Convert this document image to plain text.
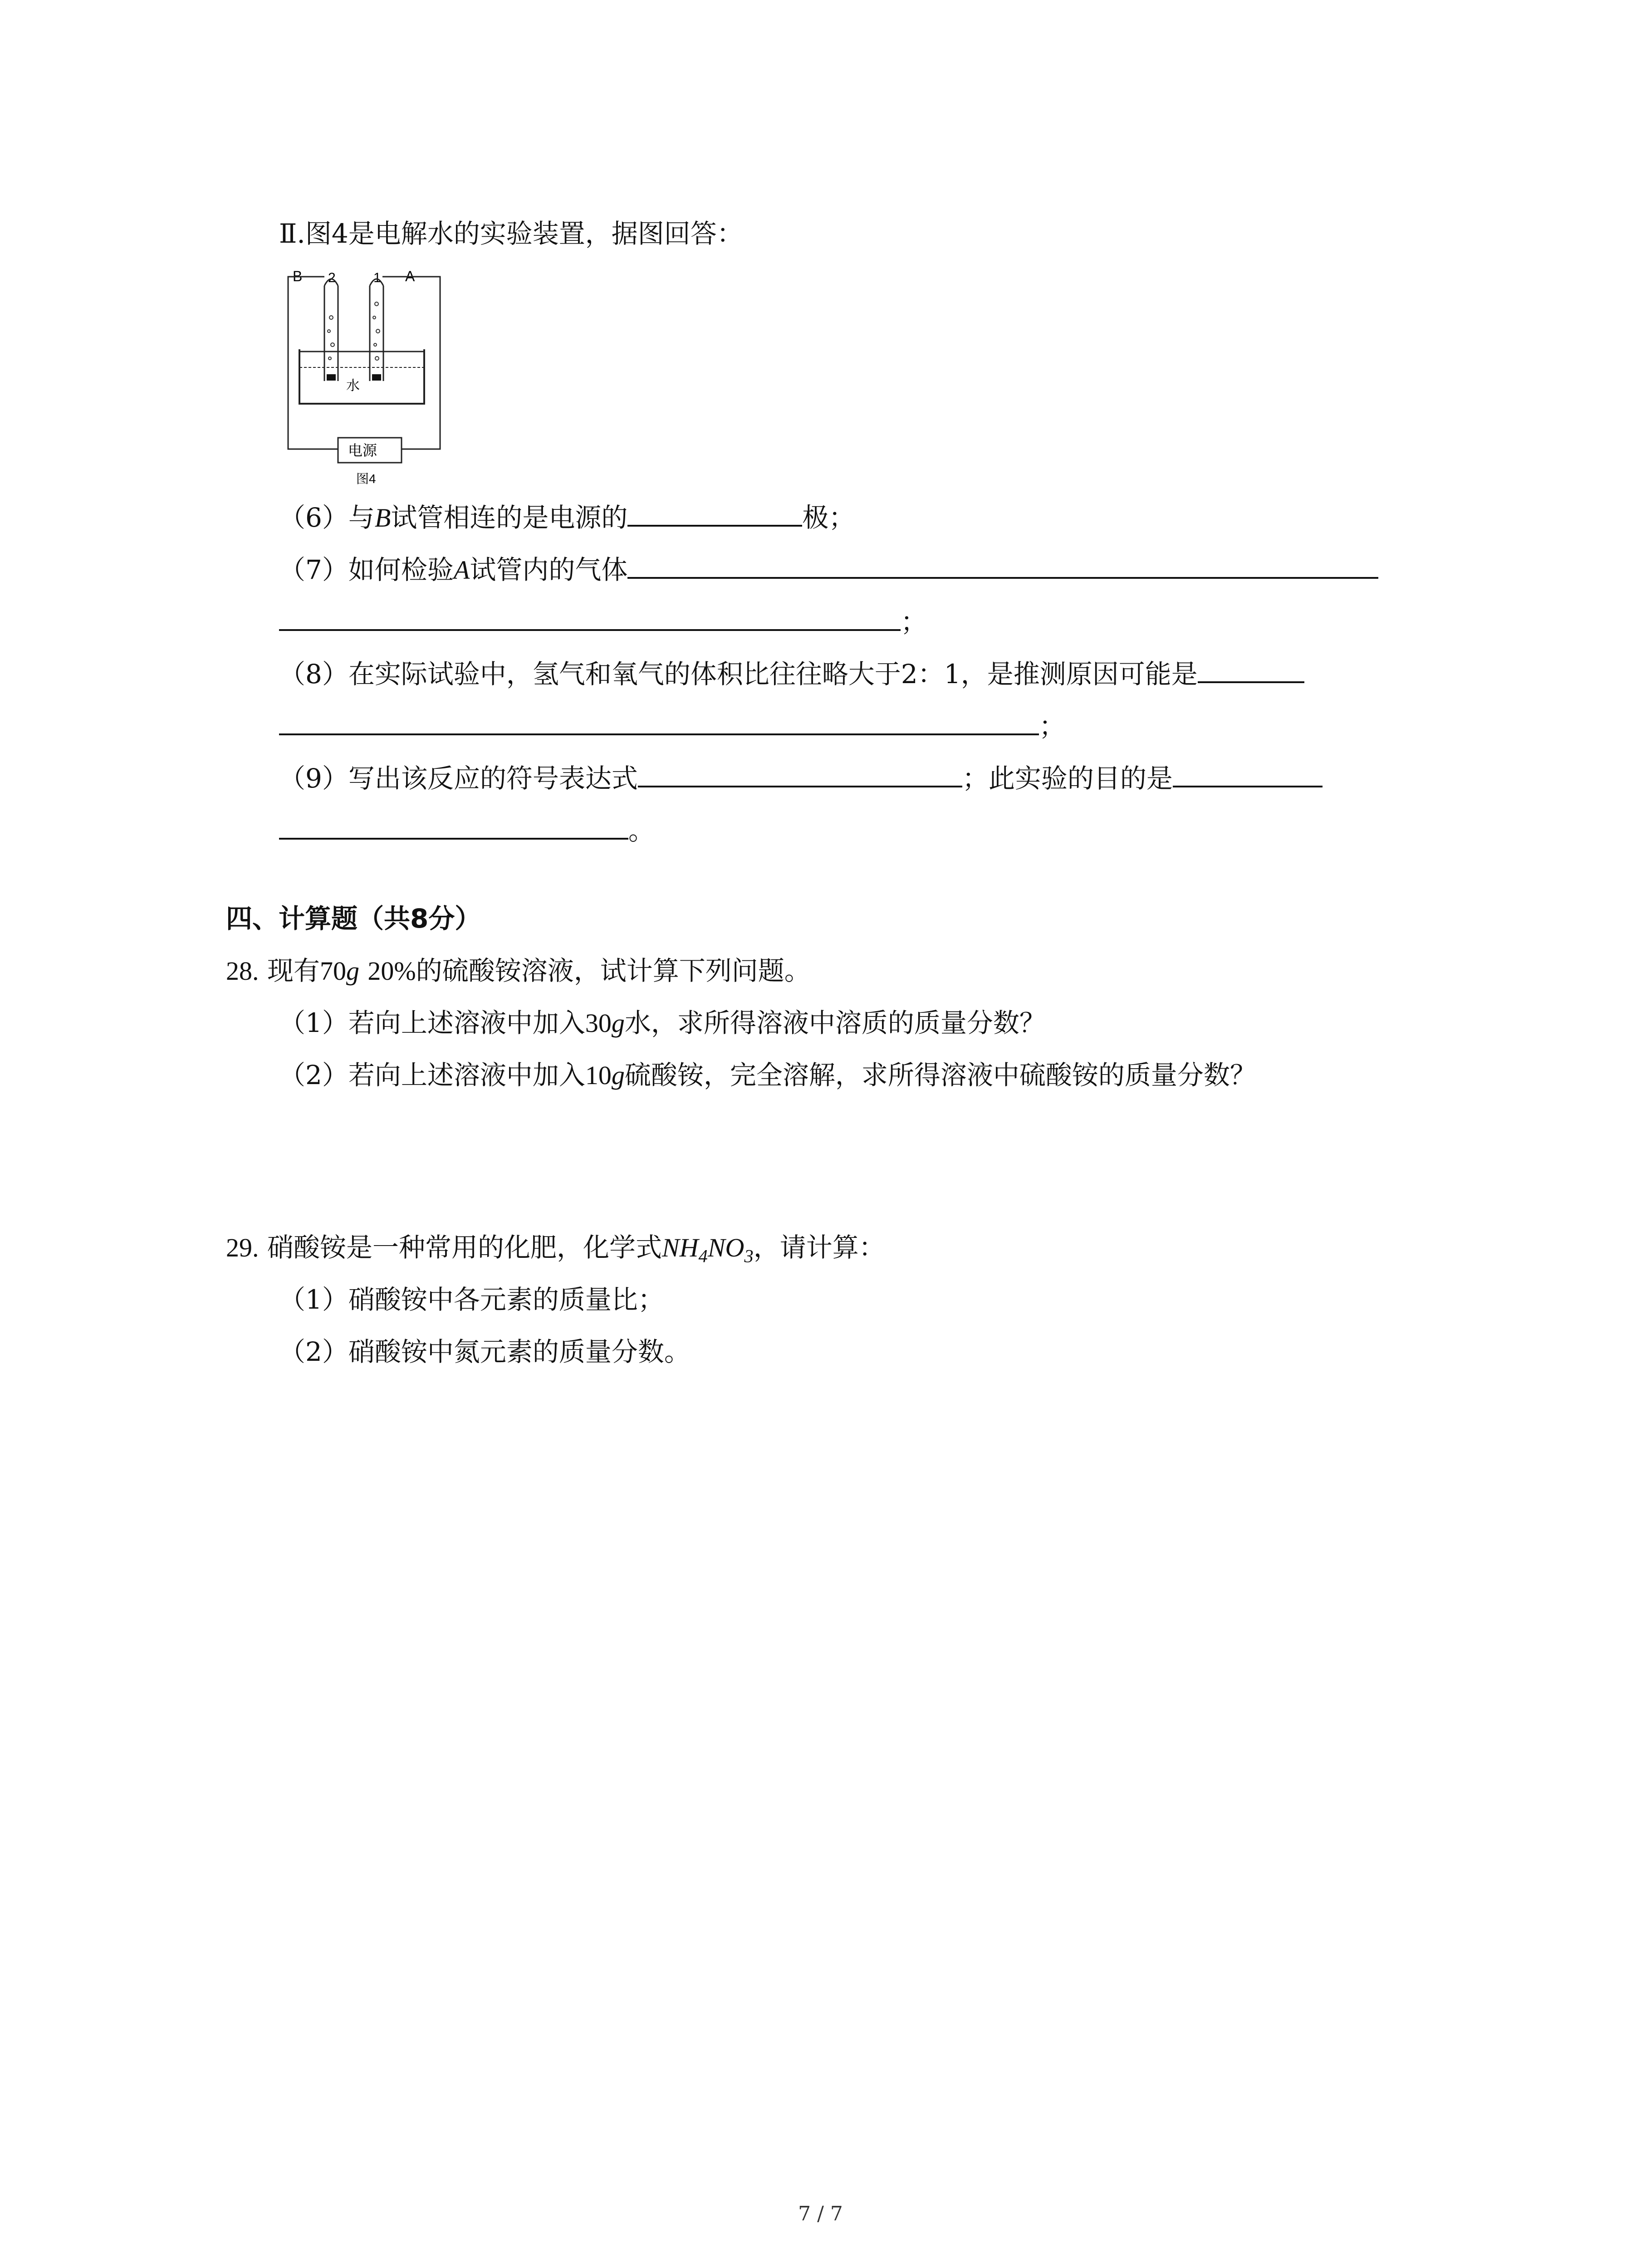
Ⅱ.图4是电解水的实验装置，据图回答：
B 2	1 A
水
电源
图4
（6）与B试管相连的是电源的	极；
（7）如何检验A试管内的气体
；
（8）在实际试验中，氢气和氧气的体积比往往略大于2：1，是推测原因可能是
；
（9）写出该反应的符号表达式	；此实验的目的是
。
四、计算题（共8分）
28. 现有70g 20%的硫酸铵溶液，试计算下列问题。
（1）若向上述溶液中加入30g水，求所得溶液中溶质的质量分数？
（2）若向上述溶液中加入10g硫酸铵，完全溶解，求所得溶液中硫酸铵的质量分数？
29. 硝酸铵是一种常用的化肥，化学式$NH_4NO_3$，请计算：
（1）硝酸铵中各元素的质量比；
（2）硝酸铵中氮元素的质量分数。
7 / 7
